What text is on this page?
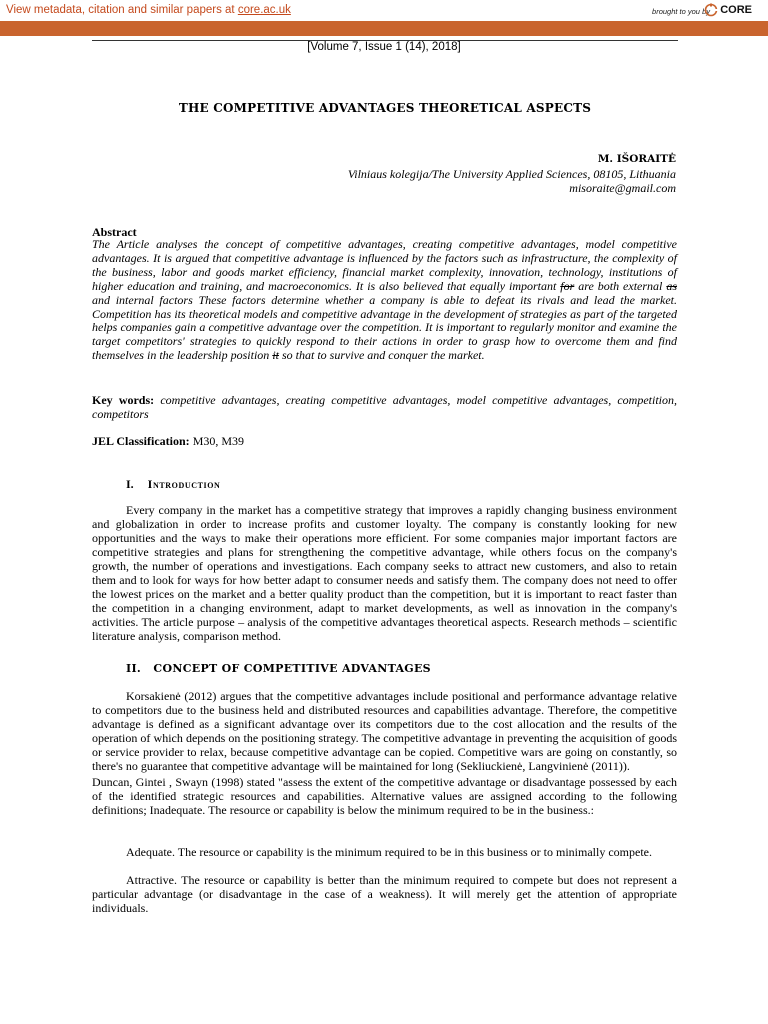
View metadata, citation and similar papers at core.ac.uk	brought to you by CORE
provided by Ecoforum Journal (University of Suceava, Romania)
[Volume 7, Issue 1 (14), 2018]
THE COMPETITIVE ADVANTAGES THEORETICAL ASPECTS
M. IŠORAITĖ
Vilniaus kolegija/The University Applied Sciences, 08105, Lithuania
misoraite@gmail.com
Abstract
The Article analyses the concept of competitive advantages, creating competitive advantages, model competitive advantages. It is argued that competitive advantage is influenced by the factors such as infrastructure, the complexity of the business, labor and goods market efficiency, financial market complexity, innovation, technology, institutions of higher education and training, and macroeconomics. It is also believed that equally important for are both external as and internal factors These factors determine whether a company is able to defeat its rivals and lead the market. Competition has its theoretical models and competitive advantage in the development of strategies as part of the targeted helps companies gain a competitive advantage over the competition. It is important to regularly monitor and examine the target competitors' strategies to quickly respond to their actions in order to grasp how to overcome them and find themselves in the leadership position it so that to survive and conquer the market.
Key words: competitive advantages, creating competitive advantages, model competitive advantages, competition, competitors
JEL Classification: M30, M39
I. Introduction
Every company in the market has a competitive strategy that improves a rapidly changing business environment and globalization in order to increase profits and customer loyalty. The company is constantly looking for new opportunities and the ways to make their operations more efficient. For some companies major important factors are competitive strategies and plans for strengthening the competitive advantage, while others focus on the company's growth, the number of operations and investigations. Each company seeks to attract new customers, and also to retain them and to look for ways for how better adapt to consumer needs and satisfy them. The company does not need to offer the lowest prices on the market and a better quality product than the competition, but it is important to react faster than the competition in a changing environment, adapt to market developments, as well as innovation in the company's activities. The article purpose – analysis of the competitive advantages theoretical aspects. Research methods – scientific literature analysis, comparison method.
II. CONCEPT OF COMPETITIVE ADVANTAGES
Korsakienė (2012) argues that the competitive advantages include positional and performance advantage relative to competitors due to the business held and distributed resources and capabilities advantage. Therefore, the competitive advantage is defined as a significant advantage over its competitors due to the cost allocation and the results of the operation of which depends on the positioning strategy. The competitive advantage in preventing the acquisition of goods or service provider to relax, because competitive advantage can be copied. Competitive wars are going on constantly, so there's no guarantee that competitive advantage will be maintained for long (Sekliuckienė, Langvinienė (2011)).
Duncan, Gintei , Swayn (1998) stated "assess the extent of the competitive advantage or disadvantage possessed by each of the identified strategic resources and capabilities. Alternative values are assigned according to the following definitions; Inadequate. The resource or capability is below the minimum required to be in the business.:
Adequate. The resource or capability is the minimum required to be in this business or to minimally compete.
Attractive. The resource or capability is better than the minimum required to compete but does not represent a particular advantage (or disadvantage in the case of a weakness). It will merely get the attention of appropriate individuals.
